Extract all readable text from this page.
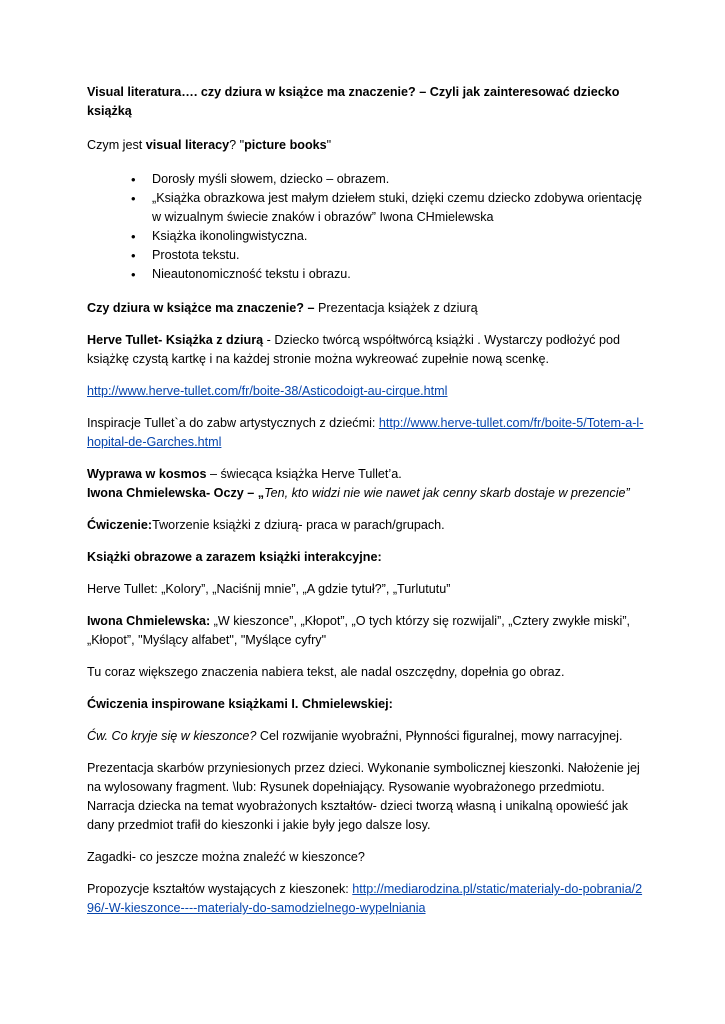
Visual literatura…. czy dziura w książce ma znaczenie? – Czyli jak zainteresować dziecko książką

Czym jest visual literacy? "picture books"

• Dorosły myśli słowem, dziecko – obrazem.
• „Książka obrazkowa jest małym dziełem stuki, dzięki czemu dziecko zdobywa orientację w wizualnym świecie znaków i obrazów” Iwona CHmielewska
• Książka ikonolingwistyczna.
• Prostota tekstu.
• Nieautonomiczność tekstu i obrazu.

Czy dziura w książce ma znaczenie? – Prezentacja książek z dziurą

Herve Tullet- Książka z dziurą - Dziecko twórcą współtwórcą książki . Wystarczy podłożyć pod książkę czystą kartkę i na każdej stronie można wykreować zupełnie nową scenkę.

http://www.herve-tullet.com/fr/boite-38/Asticodoigt-au-cirque.html

Inspiracje Tullet`a do zabw artystycznych z dziećmi: http://www.herve-tullet.com/fr/boite-5/Totem-a-l-hopital-de-Garches.html

Wyprawa w kosmos – świecąca książka Herve Tullet’a.
Iwona Chmielewska- Oczy – „Ten, kto widzi nie wie nawet jak cenny skarb dostaje w prezencie”

Ćwiczenie:Tworzenie książki z dziurą- praca w parach/grupach.

Książki obrazowe a zarazem książki interakcyjne:

Herve Tullet: „Kolory”, „Naciśnij mnie”, „A gdzie tytuł?”, „Turlututu”

Iwona Chmielewska: „W kieszonce”, „Kłopot”, „O tych którzy się rozwijali”, „Cztery zwykłe miski”, „Kłopot”, "Myślący alfabet", "Myślące cyfry"

Tu coraz większego znaczenia nabiera tekst, ale nadal oszczędny, dopełnia go obraz.

Ćwiczenia inspirowane książkami I. Chmielewskiej:

Ćw. Co kryje się w kieszonce? Cel rozwijanie wyobraźni, Płynności figuralnej, mowy narracyjnej.

Prezentacja skarbów przyniesionych przez dzieci. Wykonanie symbolicznej kieszonki. Nałożenie jej na wylosowany fragment. \lub: Rysunek dopełniający. Rysowanie wyobrażonego przedmiotu. Narracja dziecka na temat wyobrażonych kształtów- dzieci tworzą własną i unikalną opowieść jak dany przedmiot trafił do kieszonki i jakie były jego dalsze losy.

Zagadki- co jeszcze można znaleźć w kieszonce?

Propozycje kształtów wystających z kieszonek: http://mediarodzina.pl/static/materialy-do-pobrania/296/-W-kieszonce----materialy-do-samodzielnego-wypelniania
